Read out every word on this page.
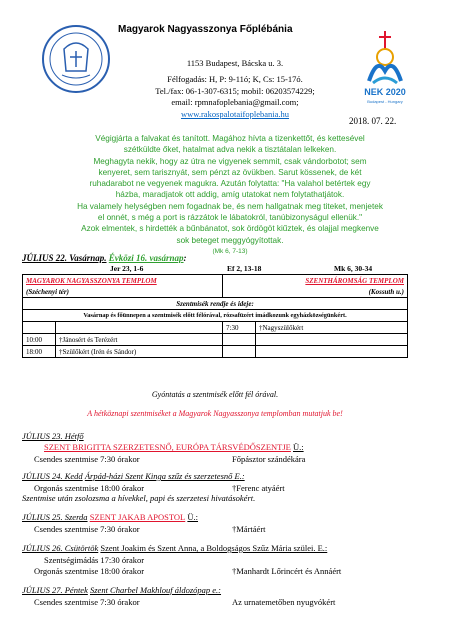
Magyarok Nagyasszonya Főplébánia
1153 Budapest, Bácska u. 3.
Félfogadás: H, P: 9-11ó; K, Cs: 15-17ó.
Tel./fax: 06-1-307-6315; mobil: 06203574229;
email: rpmnafoplebania@gmail.com;
www.rakospalotaifoplebania.hu
NEK 2020
Budapest - Hungary
2018. 07. 22.
Végigjárta a falvakat és tanított. Magához hívta a tizenkettőt, és kettesével
szétküldte őket, hatalmat adva nekik a tisztátalan lelkeken.
Meghagyta nekik, hogy az útra ne vigyenek semmit, csak vándorbotot; sem
kenyeret, sem tarisznyát, sem pénzt az övükben. Sarut kössenek, de két
ruhadarabot ne vegyenek magukra. Azután folytatta: "Ha valahol betértek egy
házba, maradjatok ott addig, amíg utatokat nem folytathatjátok.
Ha valamely helységben nem fogadnak be, és nem hallgatnak meg titeket, menjetek
el onnét, s még a port is rázzátok le lábatokról, tanúbizonyságul ellenük."
Azok elmentek, s hirdették a bűnbánatot, sok ördögöt kiűztek, és olajjal megkenve
sok beteget meggyógyítottak.
(Mk 6, 7-13)
JÚLIUS 22. Vasárnap. Évközi 16. vasárnap:
Jer 23, 1-6	Ef 2, 13-18	Mk 6, 30-34
MAGYAROK NAGYASSZONYA TEMPLOM		SZENTHÁROMSÁG TEMPLOM	
(Széchenyi tér)		(Kossuth u.)	
Szentmisék rendje és ideje:			
Vasárnap és főünnepen a szentmisék előtt félórával, rózsafüzért imádkozunk egyházközségünkért.			
		7:30	†Nagyszülőkért
10:00	†Jánosért és Terézért		
18:00	†Szülőkért (Irén és Sándor)		
Gyóntatás a szentmisék előtt fél órával.
A hétköznapi szentmiséket a Magyarok Nagyasszonya templomban mutatjuk be!
JÚLIUS 23. Hétfő
SZENT BRIGITTA SZERZETESNŐ, EURÓPA TÁRSVÉDŐSZENTJE Ü.:
Csendes szentmise 7:30 órakor	Főpásztor szándékára
JÚLIUS 24. Kedd Árpád-házi Szent Kinga szűz és szerzetesnő E.:
Orgonás szentmise 18:00 órakor	†Ferenc atyáért
Szentmise után zsolozsma a hívekkel, papi és szerzetesi hivatásokért.
JÚLIUS 25. Szerda SZENT JAKAB APOSTOL Ü.:
Csendes szentmise 7:30 órakor	†Mártáért
JÚLIUS 26. Csütörtök Szent Joakim és Szent Anna, a Boldogságos Szűz Mária szülei. E.:
Szentségimádás 17:30 órakor
Orgonás szentmise 18:00 órakor	†Manhardt Lőrincért és Annáért
JÚLIUS 27. Péntek Szent Charbel Makhlouf áldozópap e.:
Csendes szentmise 7:30 órakor	Az urnatemetőben nyugvókért
